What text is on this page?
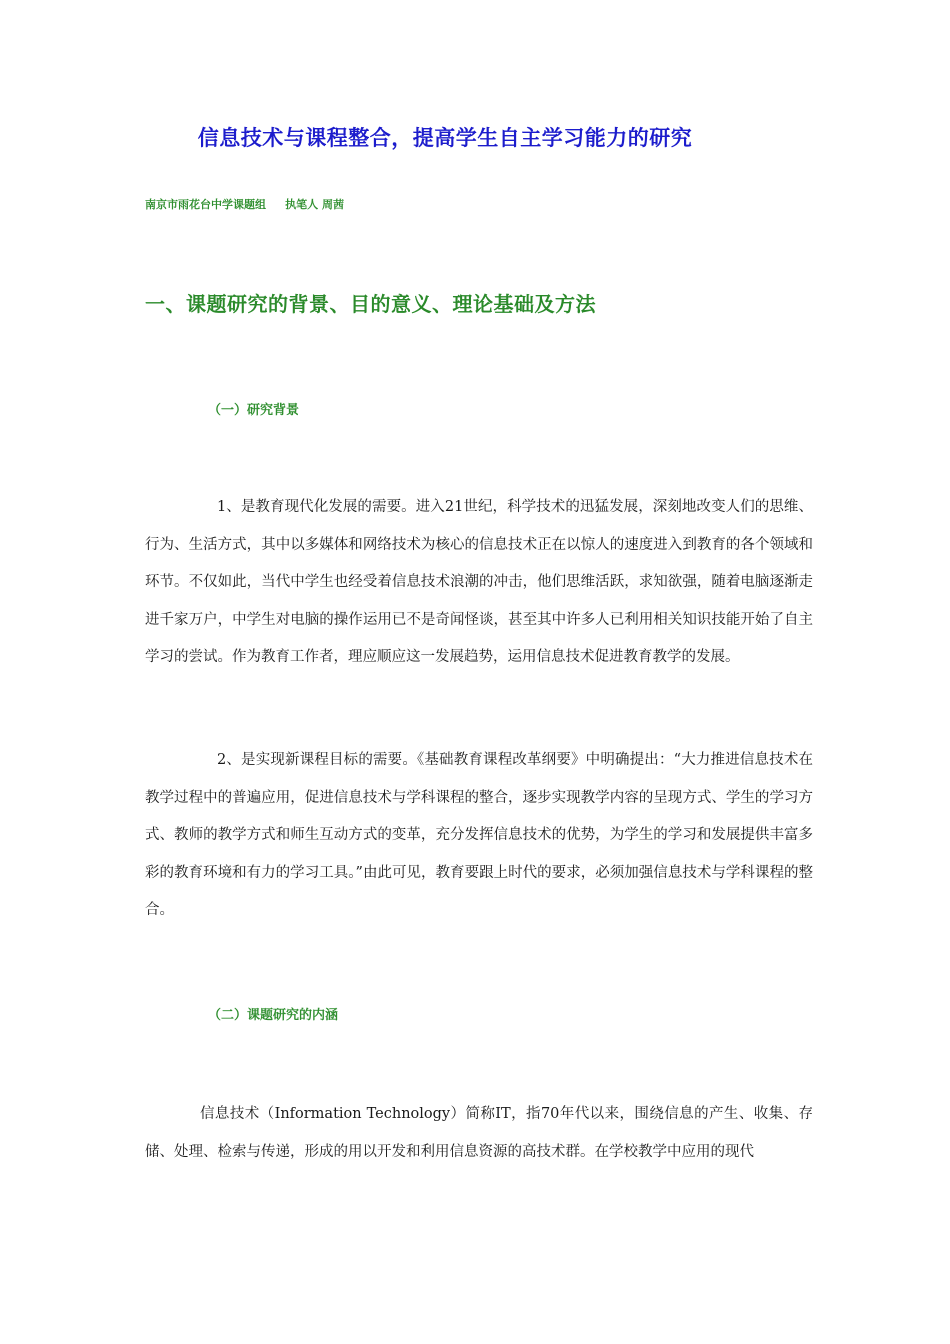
信息技术与课程整合，提高学生自主学习能力的研究
南京市雨花台中学课题组     执笔人 周茜
一、课题研究的背景、目的意义、理论基础及方法
（一）研究背景

1、是教育现代化发展的需要。进入21世纪，科学技术的迅猛发展，深刻地改变人们的思维、行为、生活方式，其中以多媒体和网络技术为核心的信息技术正在以惊人的速度进入到教育的各个领域和环节。不仅如此，当代中学生也经受着信息技术浪潮的冲击，他们思维活跃，求知欲强，随着电脑逐渐走进千家万户，中学生对电脑的操作运用已不是奇闻怪谈，甚至其中许多人已利用相关知识技能开始了自主学习的尝试。作为教育工作者，理应顺应这一发展趋势，运用信息技术促进教育教学的发展。

2、是实现新课程目标的需要。《基础教育课程改革纲要》中明确提出：“大力推进信息技术在教学过程中的普遍应用，促进信息技术与学科课程的整合，逐步实现教学内容的呈现方式、学生的学习方式、教师的教学方式和师生互动方式的变革，充分发挥信息技术的优势，为学生的学习和发展提供丰富多彩的教育环境和有力的学习工具。”由此可见，教育要跟上时代的要求，必须加强信息技术与学科课程的整合。

（二）课题研究的内涵

信息技术（Information Technology）简称IT，指70年代以来，围绕信息的产生、收集、存储、处理、检索与传递，形成的用以开发和利用信息资源的高技术群。在学校教学中应用的现代
